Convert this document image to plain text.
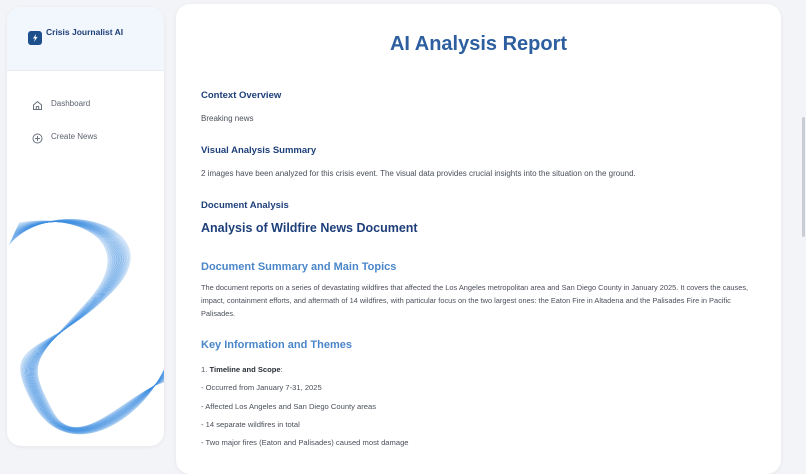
Crisis Journalist AI
Dashboard
Create News
AI Analysis Report
Context Overview
Breaking news
Visual Analysis Summary
2 images have been analyzed for this crisis event. The visual data provides crucial insights into the situation on the ground.
Document Analysis
Analysis of Wildfire News Document
Document Summary and Main Topics
The document reports on a series of devastating wildfires that affected the Los Angeles metropolitan area and San Diego County in January 2025. It covers the causes, impact, containment efforts, and aftermath of 14 wildfires, with particular focus on the two largest ones: the Eaton Fire in Altadena and the Palisades Fire in Pacific Palisades.
Key Information and Themes
1. Timeline and Scope:
- Occurred from January 7-31, 2025
- Affected Los Angeles and San Diego County areas
- 14 separate wildfires in total
- Two major fires (Eaton and Palisades) caused most damage
